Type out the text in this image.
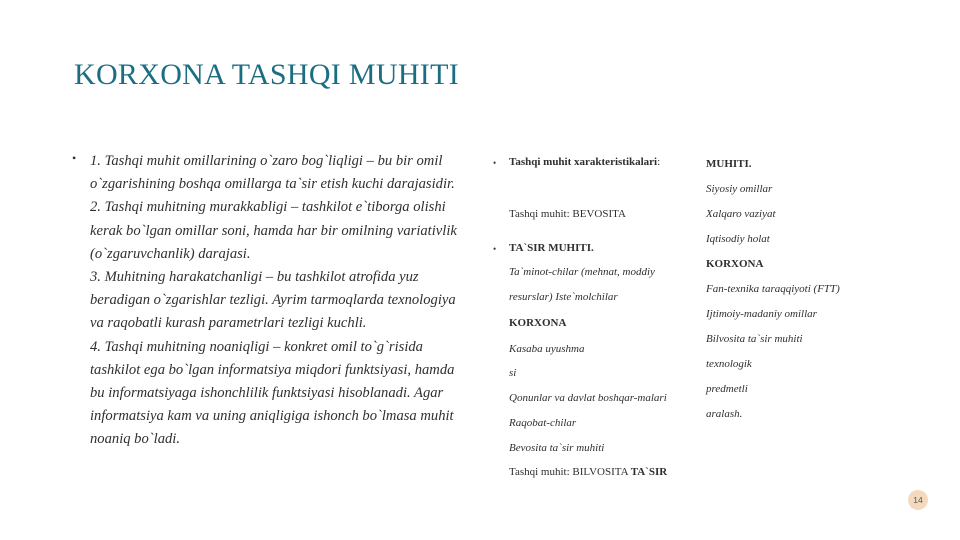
KORXONA TASHQI MUHITI
• 1. Tashqi muhit omillarining o`zaro bog`liqligi – bu bir omil o`zgarishining boshqa omillarga ta`sir etish kuchi darajasidir.

2. Tashqi muhitning murakkabligi – tashkilot e`tiborga olishi kerak bo`lgan omillar soni, hamda har bir omilning variativlik (o`zgaruvchanlik) darajasi.

3. Muhitning harakatchanligi – bu tashkilot atrofida yuz beradigan o`zgarishlar tezligi. Ayrim tarmoqlarda texnologiya va raqobatli kurash parametrlari tezligi kuchli.

4. Tashqi muhitning noaniqligi – konkret omil to`g`risida tashkilot ega bo`lgan informatsiya miqdori funktsiyasi, hamda bu informatsiyaga ishonchlilik funktsiyasi hisoblanadi. Agar informatsiya kam va uning aniqligiga ishonch bo`lmasa muhit noaniq bo`ladi.

• Tashqi muhit xarakteristikalari:
Tashqi muhit: BEVOSITA
• TA`SIR MUHITI.
Ta`minot-chilar (mehnat, moddiy
resurslar) Iste`molchilar
KORXONA
Kasaba uyushma
si
Qonunlar va davlat boshqar-malari
Raqobat-chilar
Bevosita ta`sir muhiti
Tashqi muhit: BILVOSITA TA`SIR
MUHITI.
Siyosiy omillar
Xalqaro vaziyat
Iqtisodiy holat
KORXONA
Fan-texnika taraqqiyoti (FTT)
Ijtimoiy-madaniy omillar
Bilvosita ta`sir muhiti
texnologik
predmetli
aralash.
14
